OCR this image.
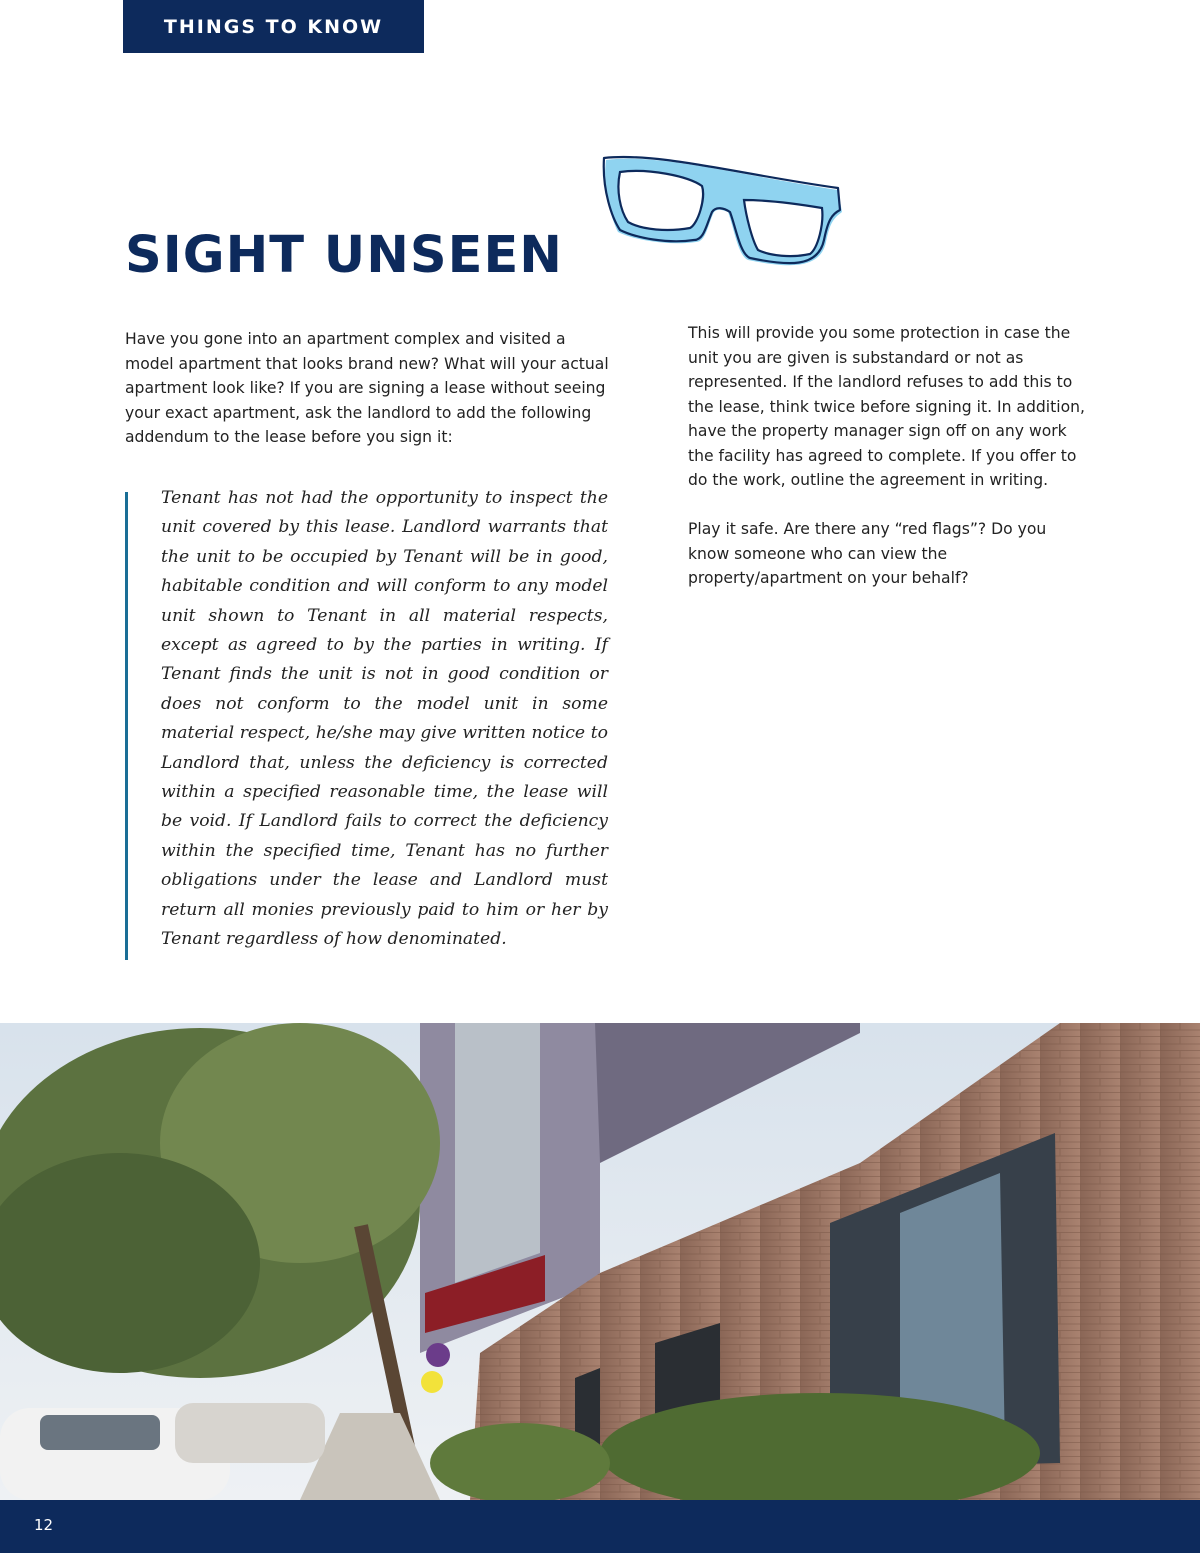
THINGS TO KNOW
SIGHT UNSEEN
Have you gone into an apartment complex and visited a model apartment that looks brand new? What will your actual apartment look like? If you are signing a lease without seeing your exact apartment, ask the landlord to add the following addendum to the lease before you sign it:
Tenant has not had the opportunity to inspect the unit covered by this lease. Landlord warrants that the unit to be occupied by Tenant will be in good, habitable condition and will conform to any model unit shown to Tenant in all material respects, except as agreed to by the parties in writing. If Tenant finds the unit is not in good condition or does not conform to the model unit in some material respect, he/she may give written notice to Landlord that, unless the deficiency is corrected within a specified reasonable time, the lease will be void. If Landlord fails to correct the deficiency within the specified time, Tenant has no further obligations under the lease and Landlord must return all monies previously paid to him or her by Tenant regardless of how denominated.

This will provide you some protection in case the unit you are given is substandard or not as represented. If the landlord refuses to add this to the lease, think twice before signing it. In addition, have the property manager sign off on any work the facility has agreed to complete. If you offer to do the work, outline the agreement in writing.

Play it safe. Are there any “red flags”? Do you know someone who can view the property/apartment on your behalf?

12
